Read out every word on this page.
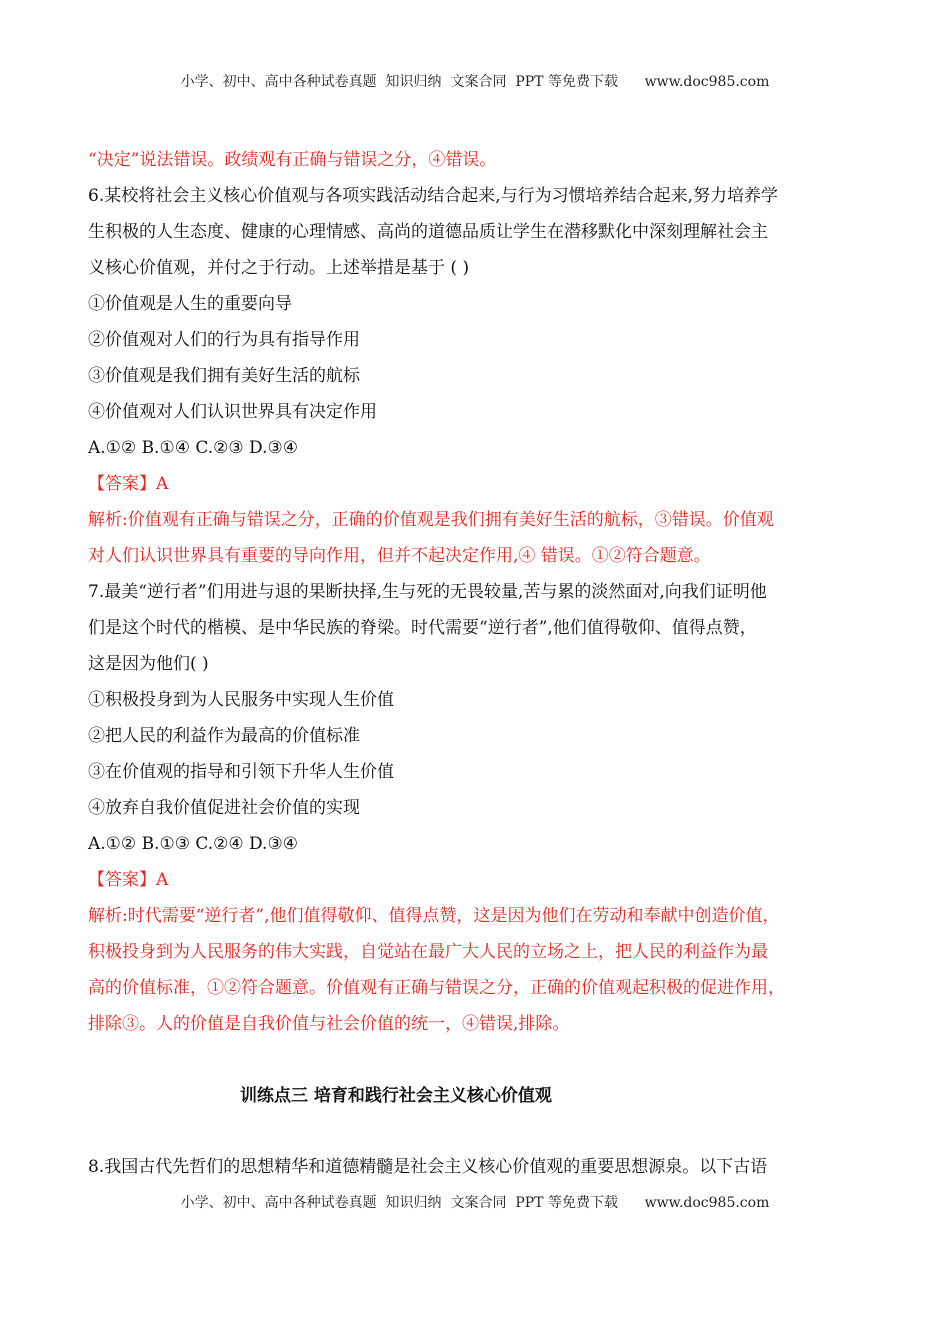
小学、初中、高中各种试卷真题  知识归纳  文案合同  PPT 等免费下载      www.doc985.com
“决定”说法错误。政绩观有正确与错误之分，④错误。
6.某校将社会主义核心价值观与各项实践活动结合起来,与行为习惯培养结合起来,努力培养学
生积极的人生态度、健康的心理情感、高尚的道德品质让学生在潜移默化中深刻理解社会主
义核心价值观，并付之于行动。上述举措是基于 ( )
①价值观是人生的重要向导
②价值观对人们的行为具有指导作用
③价值观是我们拥有美好生活的航标
④价值观对人们认识世界具有决定作用
A.①② B.①④ C.②③ D.③④
【答案】A
解析:价值观有正确与错误之分，正确的价值观是我们拥有美好生活的航标，③错误。价值观
对人们认识世界具有重要的导向作用，但并不起决定作用,④ 错误。①②符合题意。
7.最美“逆行者”们用进与退的果断抉择,生与死的无畏较量,苦与累的淡然面对,向我们证明他
们是这个时代的楷模、是中华民族的脊梁。时代需要“逆行者”,他们值得敬仰、值得点赞，
这是因为他们( )
①积极投身到为人民服务中实现人生价值
②把人民的利益作为最高的价值标准
③在价值观的指导和引领下升华人生价值
④放弃自我价值促进社会价值的实现
A.①② B.①③ C.②④ D.③④
【答案】A
解析:时代需要“逆行者”,他们值得敬仰、值得点赞，这是因为他们在劳动和奉献中创造价值，
积极投身到为人民服务的伟大实践，自觉站在最广大人民的立场之上，把人民的利益作为最
高的价值标准，①②符合题意。价值观有正确与错误之分，正确的价值观起积极的促进作用，
排除③。人的价值是自我价值与社会价值的统一，④错误,排除。
训练点三 培育和践行社会主义核心价值观
8.我国古代先哲们的思想精华和道德精髓是社会主义核心价值观的重要思想源泉。以下古语
小学、初中、高中各种试卷真题  知识归纳  文案合同  PPT 等免费下载      www.doc985.com
